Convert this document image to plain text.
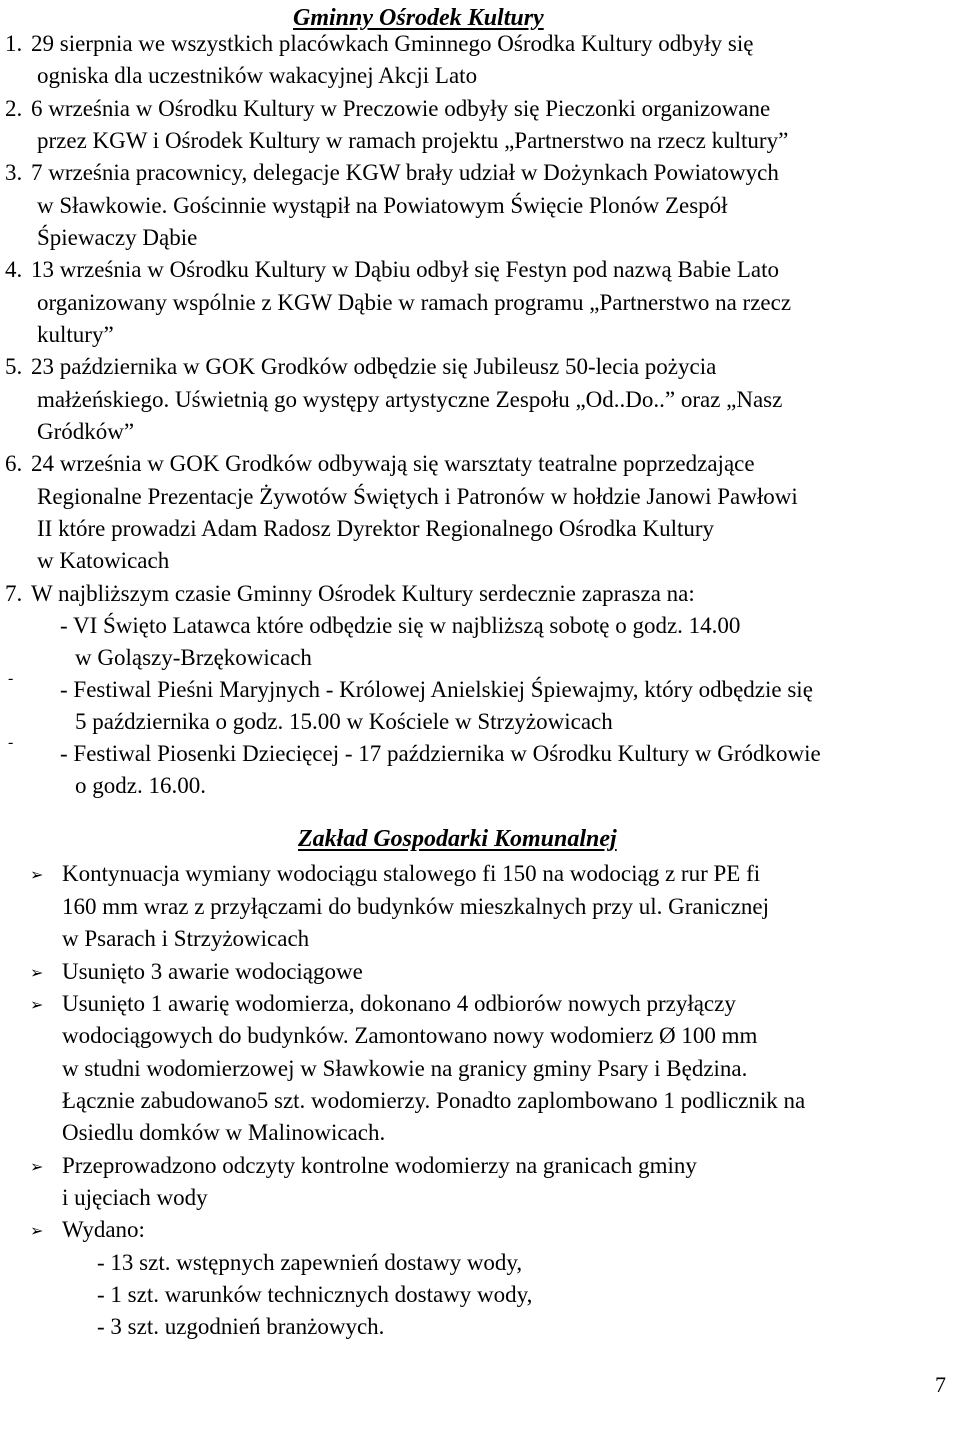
Gminny Ośrodek Kultury
1. 29 sierpnia we wszystkich placówkach Gminnego Ośrodka Kultury odbyły się
ogniska dla uczestników wakacyjnej Akcji Lato
2. 6 września w Ośrodku Kultury w Preczowie odbyły się Pieczonki organizowane
przez KGW i Ośrodek Kultury w ramach projektu „Partnerstwo na rzecz kultury”
3. 7 września pracownicy, delegacje KGW brały udział w Dożynkach Powiatowych
w Sławkowie. Gościnnie wystąpił na Powiatowym Święcie Plonów Zespół
Śpiewaczy Dąbie
4. 13 września w Ośrodku Kultury w Dąbiu odbył się Festyn pod nazwą Babie Lato
organizowany wspólnie z KGW Dąbie w ramach programu „Partnerstwo na rzecz
kultury”
5. 23 października w GOK Grodków odbędzie się Jubileusz 50-lecia pożycia
małżeńskiego. Uświetnią go występy artystyczne Zespołu „Od..Do..” oraz „Nasz
Gródków”
6. 24 września w GOK Grodków odbywają się warsztaty teatralne poprzedzające
Regionalne Prezentacje Żywotów Świętych i Patronów w hołdzie Janowi Pawłowi
II które prowadzi Adam Radosz Dyrektor Regionalnego Ośrodka Kultury
w Katowicach
7. W najbliższym czasie Gminny Ośrodek Kultury serdecznie zaprasza na:
- VI Święto Latawca które odbędzie się w najbliższą sobotę o godz. 14.00
w Goląszy-Brzękowicach
- - Festiwal Pieśni Maryjnych - Królowej Anielskiej Śpiewajmy, który odbędzie się
5 października o godz. 15.00 w Kościele w Strzyżowicach
- - Festiwal Piosenki Dziecięcej - 17 października w Ośrodku Kultury w Gródkowie
o godz. 16.00.
Zakład Gospodarki Komunalnej
➢ Kontynuacja wymiany wodociągu stalowego fi 150 na wodociąg z rur PE fi
160 mm wraz z przyłączami do budynków mieszkalnych przy ul. Granicznej
w Psarach i Strzyżowicach
➢ Usunięto 3 awarie wodociągowe
➢ Usunięto 1 awarię wodomierza, dokonano 4 odbiorów nowych przyłączy
wodociągowych do budynków. Zamontowano nowy wodomierz Ø 100 mm
w studni wodomierzowej w Sławkowie na granicy gminy Psary i Będzina.
Łącznie zabudowano5 szt. wodomierzy. Ponadto zaplombowano 1 podlicznik na
Osiedlu domków w Malinowicach.
➢ Przeprowadzono odczyty kontrolne wodomierzy na granicach gminy
i ujęciach wody
➢ Wydano:
- 13 szt. wstępnych zapewnień dostawy wody,
- 1 szt. warunków technicznych dostawy wody,
- 3 szt. uzgodnień branżowych.
7
